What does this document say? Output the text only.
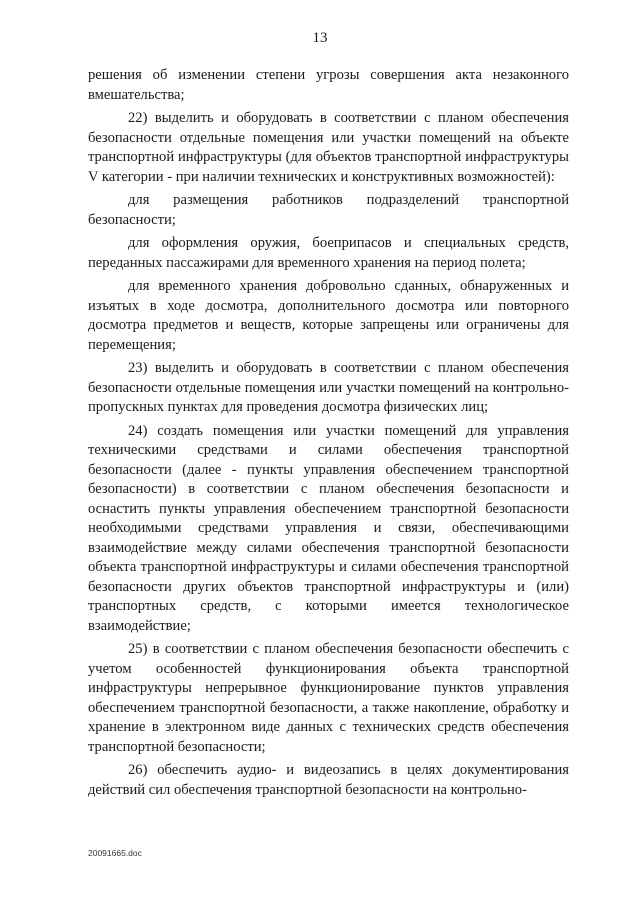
13

решения об изменении степени угрозы совершения акта незаконного вмешательства;

22) выделить и оборудовать в соответствии с планом обеспечения безопасности отдельные помещения или участки помещений на объекте транспортной инфраструктуры (для объектов транспортной инфраструктуры V категории - при наличии технических и конструктивных возможностей):

для размещения работников подразделений транспортной безопасности;

для оформления оружия, боеприпасов и специальных средств, переданных пассажирами для временного хранения на период полета;

для временного хранения добровольно сданных, обнаруженных и изъятых в ходе досмотра, дополнительного досмотра или повторного досмотра предметов и веществ, которые запрещены или ограничены для перемещения;

23) выделить и оборудовать в соответствии с планом обеспечения безопасности отдельные помещения или участки помещений на контрольно-пропускных пунктах для проведения досмотра физических лиц;

24) создать помещения или участки помещений для управления техническими средствами и силами обеспечения транспортной безопасности (далее - пункты управления обеспечением транспортной безопасности) в соответствии с планом обеспечения безопасности и оснастить пункты управления обеспечением транспортной безопасности необходимыми средствами управления и связи, обеспечивающими взаимодействие между силами обеспечения транспортной безопасности объекта транспортной инфраструктуры и силами обеспечения транспортной безопасности других объектов транспортной инфраструктуры и (или) транспортных средств, с которыми имеется технологическое взаимодействие;

25) в соответствии с планом обеспечения безопасности обеспечить с учетом особенностей функционирования объекта транспортной инфраструктуры непрерывное функционирование пунктов управления обеспечением транспортной безопасности, а также накопление, обработку и хранение в электронном виде данных с технических средств обеспечения транспортной безопасности;

26) обеспечить аудио- и видеозапись в целях документирования действий сил обеспечения транспортной безопасности на контрольно-

20091665.doc
